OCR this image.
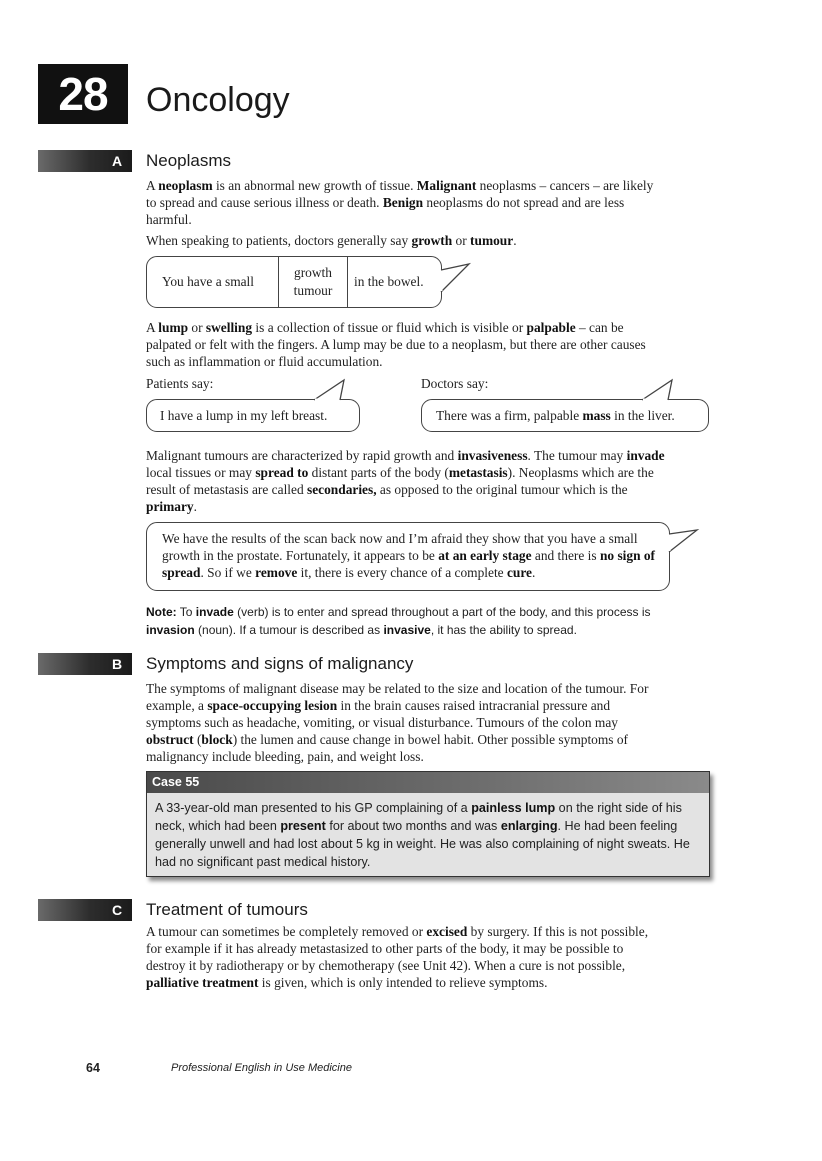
28	Oncology
A Neoplasms
A neoplasm is an abnormal new growth of tissue. Malignant neoplasms – cancers – are likely to spread and cause serious illness or death. Benign neoplasms do not spread and are less harmful.
When speaking to patients, doctors generally say growth or tumour.
You have a small
growth
tumour
in the bowel.
A lump or swelling is a collection of tissue or fluid which is visible or palpable – can be palpated or felt with the fingers. A lump may be due to a neoplasm, but there are other causes such as inflammation or fluid accumulation.
Patients say:	Doctors say:
I have a lump in my left breast.	There was a firm, palpable mass in the liver.
Malignant tumours are characterized by rapid growth and invasiveness. The tumour may invade local tissues or may spread to distant parts of the body (metastasis). Neoplasms which are the result of metastasis are called secondaries, as opposed to the original tumour which is the primary.
We have the results of the scan back now and I’m afraid they show that you have a small growth in the prostate. Fortunately, it appears to be at an early stage and there is no sign of spread. So if we remove it, there is every chance of a complete cure.
Note: To invade (verb) is to enter and spread throughout a part of the body, and this process is invasion (noun). If a tumour is described as invasive, it has the ability to spread.
B Symptoms and signs of malignancy
The symptoms of malignant disease may be related to the size and location of the tumour. For example, a space-occupying lesion in the brain causes raised intracranial pressure and symptoms such as headache, vomiting, or visual disturbance. Tumours of the colon may obstruct (block) the lumen and cause change in bowel habit. Other possible symptoms of malignancy include bleeding, pain, and weight loss.
Case 55
A 33-year-old man presented to his GP complaining of a painless lump on the right side of his neck, which had been present for about two months and was enlarging. He had been feeling generally unwell and had lost about 5 kg in weight. He was also complaining of night sweats. He had no significant past medical history.
C Treatment of tumours
A tumour can sometimes be completely removed or excised by surgery. If this is not possible, for example if it has already metastasized to other parts of the body, it may be possible to destroy it by radiotherapy or by chemotherapy (see Unit 42). When a cure is not possible, palliative treatment is given, which is only intended to relieve symptoms.
64	Professional English in Use Medicine
